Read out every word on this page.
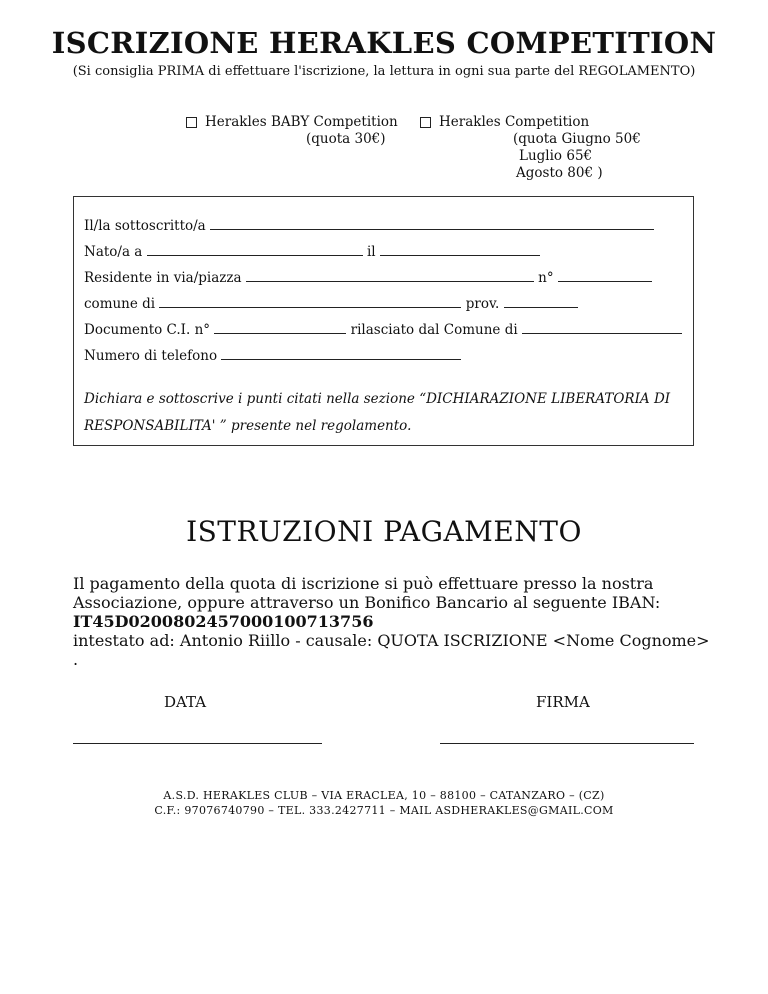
ISCRIZIONE HERAKLES COMPETITION
(Si consiglia PRIMA di effettuare l'iscrizione, la lettura in ogni sua parte del REGOLAMENTO)
Herakles BABY Competition
(quota 30€)
Herakles Competition
(quota Giugno 50€
Luglio 65€
Agosto 80€ )
Il/la sottoscritto/a
Nato/a a	il
Residente in via/piazza	n°
comune di	prov.
Documento C.I. n°	rilasciato dal Comune di
Numero di telefono
Dichiara e sottoscrive i punti citati nella sezione “DICHIARAZIONE LIBERATORIA DI RESPONSABILITA' ” presente nel regolamento.
ISTRUZIONI PAGAMENTO
Il pagamento della quota di iscrizione si può effettuare presso la nostra
Associazione, oppure attraverso un Bonifico Bancario al seguente IBAN:
IT45D0200802457000100713756
intestato ad: Antonio Riillo - causale: QUOTA ISCRIZIONE <Nome Cognome> .
DATA	FIRMA
A.S.D. HERAKLES CLUB – VIA ERACLEA, 10 – 88100 – CATANZARO – (CZ)
C.F.: 97076740790 – TEL. 333.2427711 – MAIL ASDHERAKLES@GMAIL.COM
